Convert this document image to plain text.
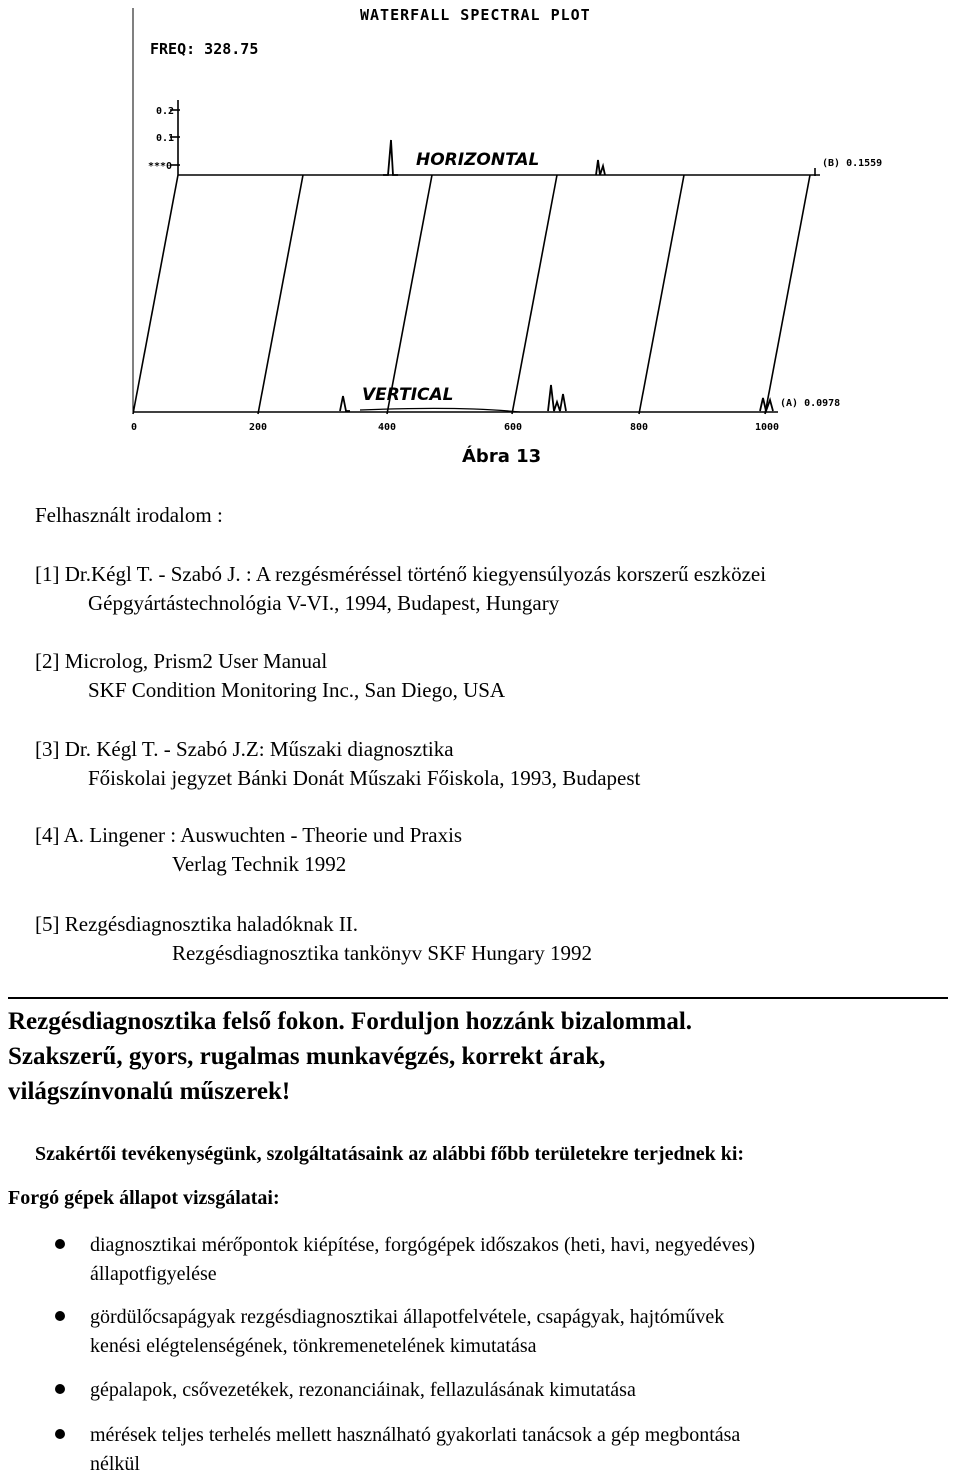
WATERFALL SPECTRAL PLOT
FREQ: 328.75
0.2
0.1
***0
0	200	400	600	800	1000
HORIZONTAL
VERTICAL
(B) 0.1559
(A) 0.0978
Ábra 13
Felhasznált irodalom :
[1] Dr.Kégl T. - Szabó J. : A rezgésméréssel történő kiegyensúlyozás korszerű eszközei
Gépgyártástechnológia V-VI., 1994, Budapest, Hungary
[2] Microlog, Prism2 User Manual
SKF Condition Monitoring Inc., San Diego, USA
[3] Dr. Kégl T. - Szabó J.Z: Műszaki diagnosztika
Főiskolai jegyzet Bánki Donát Műszaki Főiskola, 1993, Budapest
[4] A. Lingener : Auswuchten - Theorie und Praxis
Verlag Technik 1992
[5] Rezgésdiagnosztika haladóknak II.
Rezgésdiagnosztika tankönyv SKF Hungary 1992
Rezgésdiagnosztika felső fokon. Forduljon hozzánk bizalommal.
Szakszerű, gyors, rugalmas munkavégzés, korrekt árak,
világszínvonalú műszerek!
Szakértői tevékenységünk, szolgáltatásaink az alábbi főbb területekre terjednek ki:
Forgó gépek állapot vizsgálatai:
diagnosztikai mérőpontok kiépítése, forgógépek időszakos (heti, havi, negyedéves)
állapotfigyelése
gördülőcsapágyak rezgésdiagnosztikai állapotfelvétele, csapágyak, hajtóművek
kenési elégtelenségének, tönkremenetelének kimutatása
gépalapok, csővezetékek, rezonanciáinak, fellazulásának kimutatása
mérések teljes terhelés mellett használható gyakorlati tanácsok a gép megbontása
nélkül
